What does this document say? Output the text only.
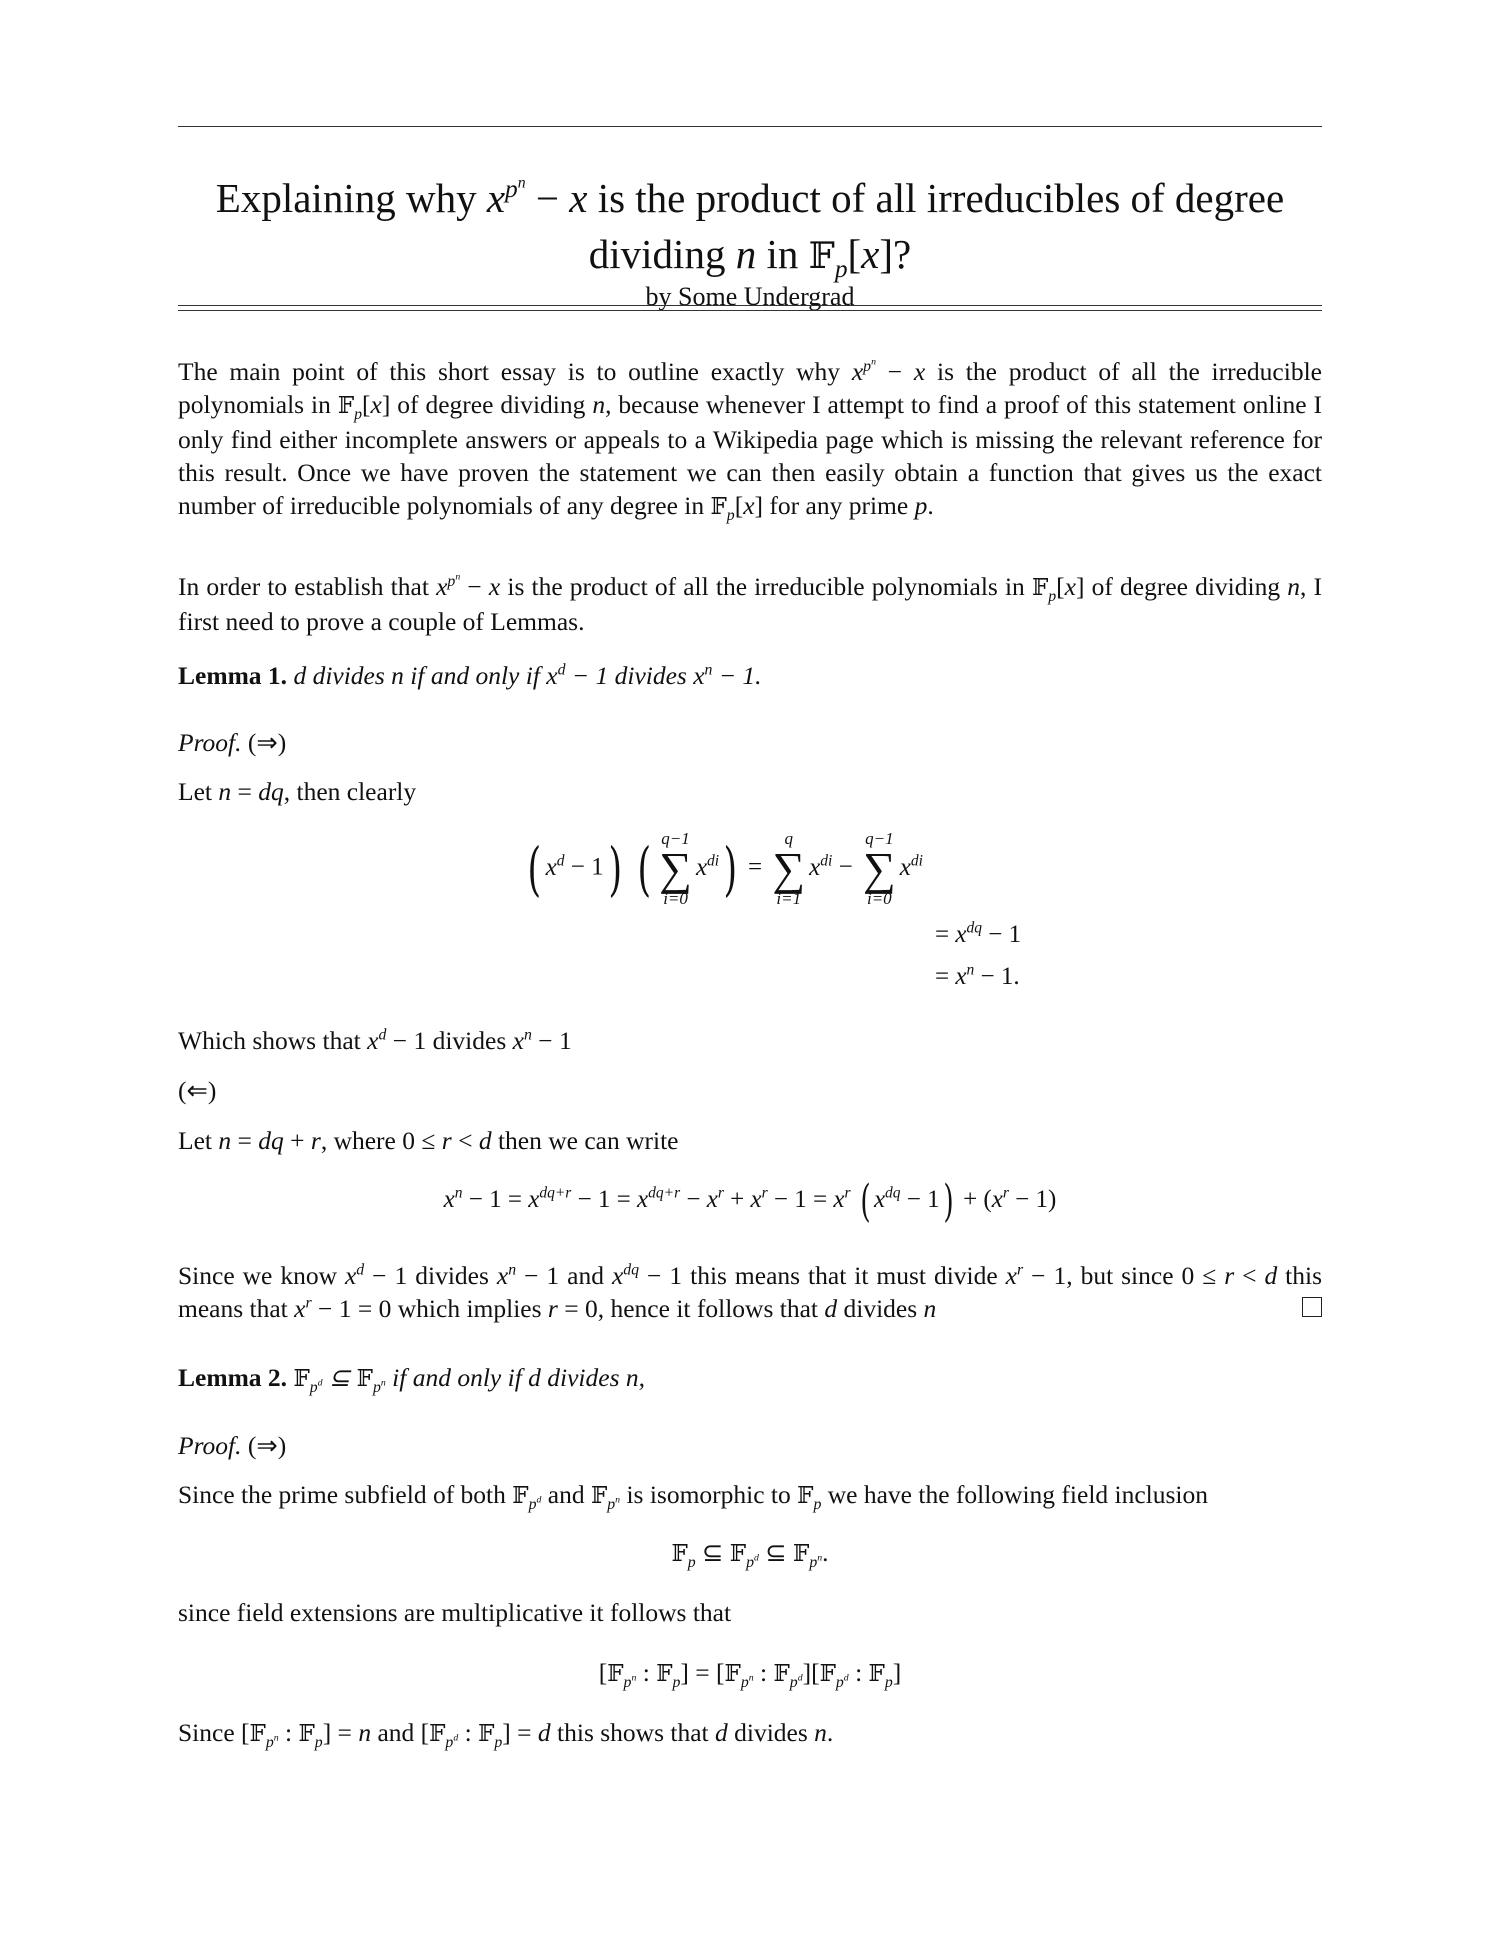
Explaining why $x^{p^n} - x$ is the product of all irreducibles of degree
dividing n in 𝔽$_p$[x]?
by Some Undergrad
The main point of this short essay is to outline exactly why $x^{p^n} - x$ is the product of all the irreducible polynomials in 𝔽$_p$[x] of degree dividing n, because whenever I attempt to find a proof of this statement online I only find either incomplete answers or appeals to a Wikipedia page which is missing the relevant reference for this result. Once we have proven the statement we can then easily obtain a function that gives us the exact number of irreducible polynomials of any degree in 𝔽$_p$[x] for any prime p.
In order to establish that $x^{p^n} - x$ is the product of all the irreducible polynomials in 𝔽$_p$[x] of degree dividing n, I first need to prove a couple of Lemmas.
Lemma 1. d divides n if and only if $x^d - 1$ divides $x^n - 1$.
Proof. (⇒)
Let n = dq, then clearly
( $x^d - 1$) ( q−1
∑
i=0
$x^{di}$) =
q
∑
i=1
$x^{di}$ −
q−1
∑
i=0
$x^{di}$
= $x^{dq} - 1$
= $x^n - 1$.
Which shows that $x^d - 1$ divides $x^n - 1$
(⇐)
Let n = dq + r, where 0 ≤ r < d then we can write
$x^n - 1 = x^{dq+r} - 1 = x^{dq+r} - x^r + x^r - 1 = x^r$ ( $x^{dq} - 1) + (x^r - 1)$
Since we know $x^d - 1$ divides $x^n - 1$ and $x^{dq} - 1$ this means that it must divide $x^r - 1$, but since 0 ≤ r < d this means that $x^r - 1 = 0$ which implies r = 0, hence it follows that d divides n
Lemma 2. 𝔽$_{p^d}$ ⊆ 𝔽$_{p^n}$ if and only if d divides n,
Proof. (⇒)
Since the prime subfield of both 𝔽$_{p^d}$ and 𝔽$_{p^n}$ is isomorphic to 𝔽$_p$ we have the following field inclusion
𝔽$_p$ ⊆ 𝔽$_{p^d}$ ⊆ 𝔽$_{p^n}$.
since field extensions are multiplicative it follows that
[𝔽$_{p^n}$ : 𝔽$_p$] = [𝔽$_{p^n}$ : 𝔽$_{p^d}$][𝔽$_{p^d}$ : 𝔽$_p$]
Since [𝔽$_{p^n}$ : 𝔽$_p$] = n and [𝔽$_{p^d}$ : 𝔽$_p$] = d this shows that d divides n.
